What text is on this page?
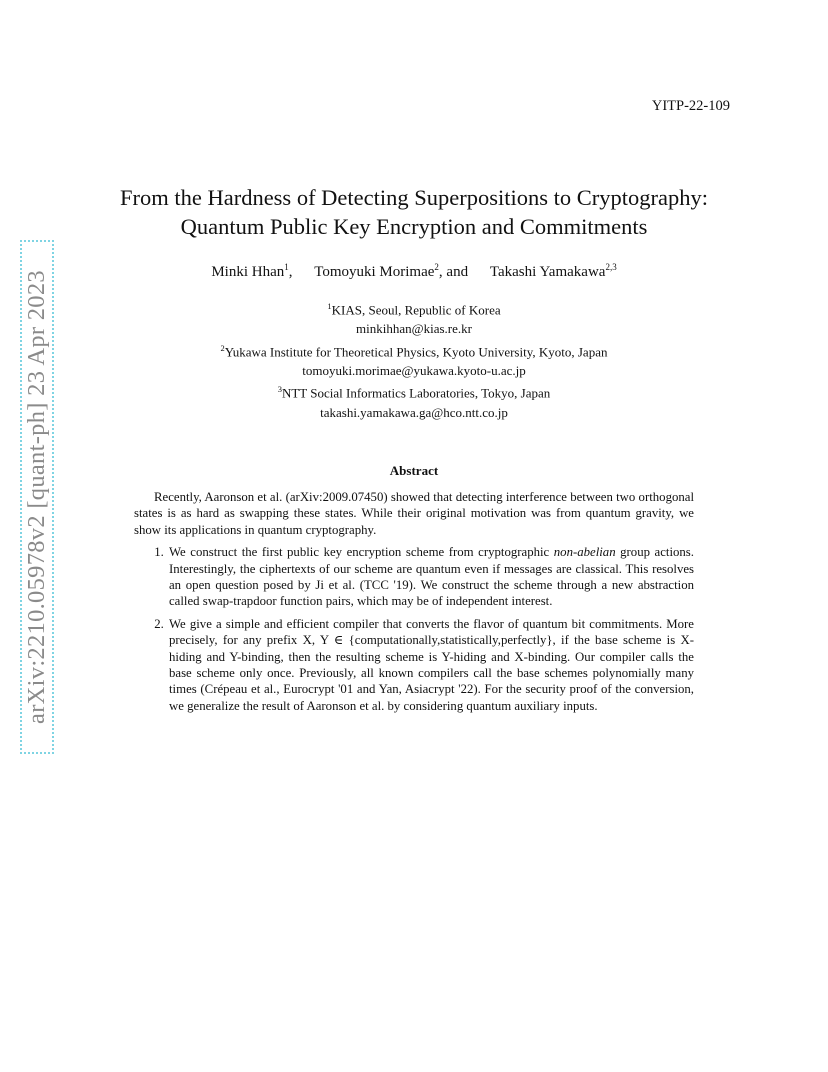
YITP-22-109
arXiv:2210.05978v2 [quant-ph] 23 Apr 2023
From the Hardness of Detecting Superpositions to Cryptography:
Quantum Public Key Encryption and Commitments
Minki Hhan$^1$, Tomoyuki Morimae$^2$, and Takashi Yamakawa$^{2,3}$
$^1$KIAS, Seoul, Republic of Korea
minkihhan@kias.re.kr
$^2$Yukawa Institute for Theoretical Physics, Kyoto University, Kyoto, Japan
tomoyuki.morimae@yukawa.kyoto-u.ac.jp
$^3$NTT Social Informatics Laboratories, Tokyo, Japan
takashi.yamakawa.ga@hco.ntt.co.jp
Abstract

Recently, Aaronson et al. (arXiv:2009.07450) showed that detecting interference between two orthogonal states is as hard as swapping these states. While their original motivation was from quantum gravity, we show its applications in quantum cryptography.

1. We construct the first public key encryption scheme from cryptographic non-abelian group actions. Interestingly, the ciphertexts of our scheme are quantum even if messages are classical. This resolves an open question posed by Ji et al. (TCC '19). We construct the scheme through a new abstraction called swap-trapdoor function pairs, which may be of independent interest.
2. We give a simple and efficient compiler that converts the flavor of quantum bit commitments. More precisely, for any prefix X, Y ∈ {computationally,statistically,perfectly}, if the base scheme is X-hiding and Y-binding, then the resulting scheme is Y-hiding and X-binding. Our compiler calls the base scheme only once. Previously, all known compilers call the base schemes polynomially many times (Crépeau et al., Eurocrypt '01 and Yan, Asiacrypt '22). For the security proof of the conversion, we generalize the result of Aaronson et al. by considering quantum auxiliary inputs.
